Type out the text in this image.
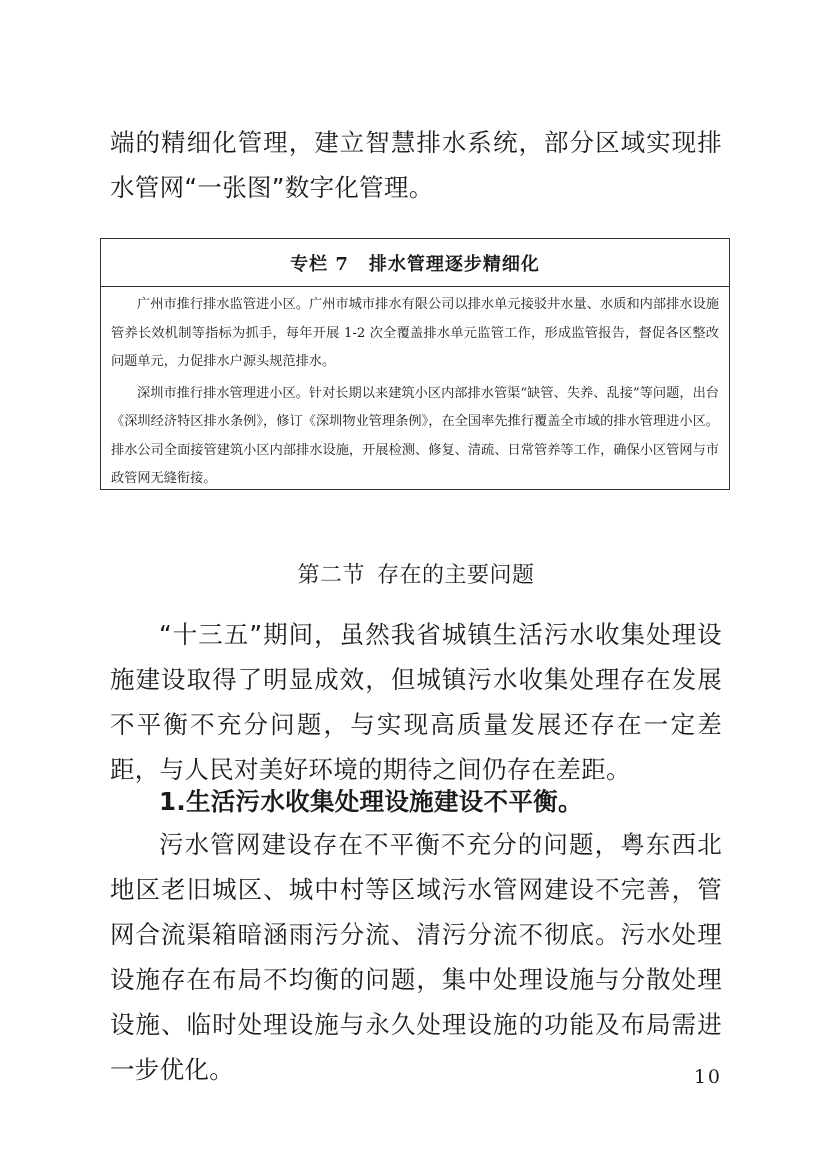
端的精细化管理，建立智慧排水系统，部分区域实现排水管网“一张图”数字化管理。

专栏 7 排水管理逐步精细化

广州市推行排水监管进小区。广州市城市排水有限公司以排水单元接驳井水量、水质和内部排水设施管养长效机制等指标为抓手，每年开展 1-2 次全覆盖排水单元监管工作，形成监管报告，督促各区整改问题单元，力促排水户源头规范排水。

深圳市推行排水管理进小区。针对长期以来建筑小区内部排水管渠“缺管、失养、乱接”等问题，出台《深圳经济特区排水条例》，修订《深圳物业管理条例》，在全国率先推行覆盖全市域的排水管理进小区。排水公司全面接管建筑小区内部排水设施，开展检测、修复、清疏、日常管养等工作，确保小区管网与市政管网无缝衔接。

第二节 存在的主要问题

“十三五”期间，虽然我省城镇生活污水收集处理设施建设取得了明显成效，但城镇污水收集处理存在发展不平衡不充分问题，与实现高质量发展还存在一定差距，与人民对美好环境的期待之间仍存在差距。

1.生活污水收集处理设施建设不平衡。

污水管网建设存在不平衡不充分的问题，粤东西北地区老旧城区、城中村等区域污水管网建设不完善，管网合流渠箱暗涵雨污分流、清污分流不彻底。污水处理设施存在布局不均衡的问题，集中处理设施与分散处理设施、临时处理设施与永久处理设施的功能及布局需进一步优化。	10
